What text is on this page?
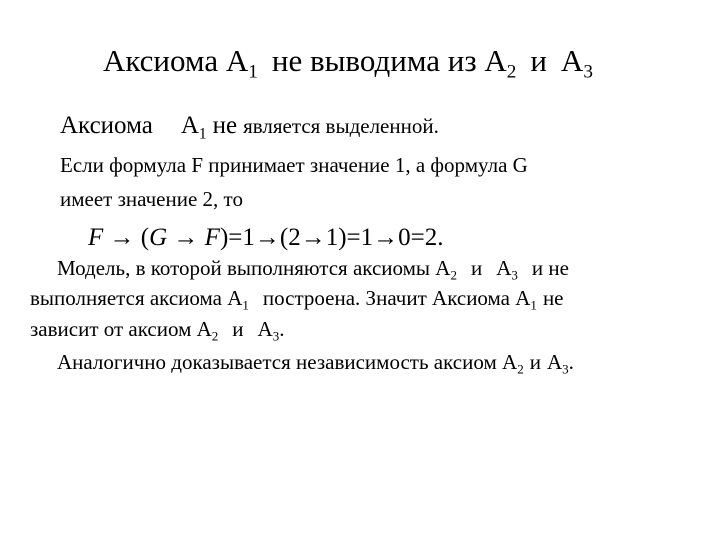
Аксиома $А_1$ не выводима из $А_2$ и $А_3$
Аксиома $А_1$ не является выделенной.
Если формула F принимает значение 1, а формула G
имеет значение 2, то
F → (G → F)=1→(2→1)=1→0=2.
Модель, в которой выполняются аксиомы $А_2$ и $А_3$ и не
выполняется аксиома $А_1$ построена. Значит Аксиома $А_1$ не
зависит от аксиом $А_2$ и $А_3$.
Аналогично доказывается независимость аксиом $А_2$ и $А_3$.
